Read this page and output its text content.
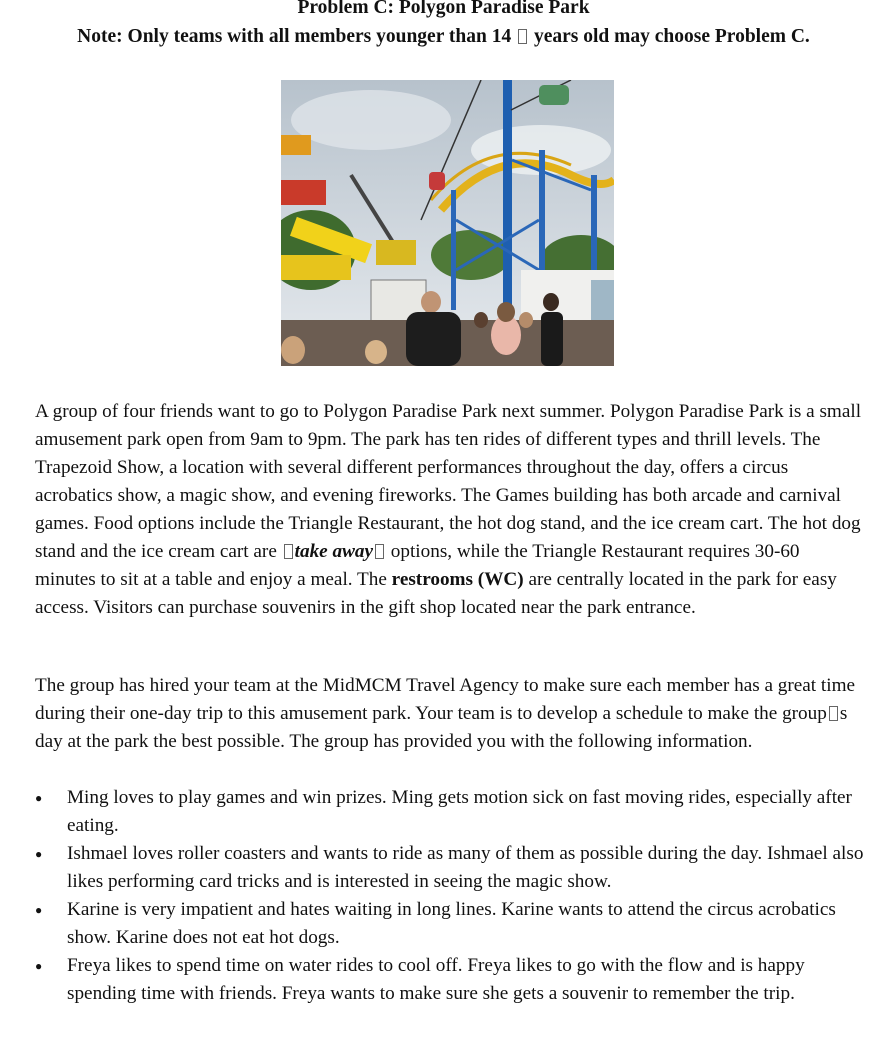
Problem C: Polygon Paradise Park
Note: Only teams with all members younger than 14 years old may choose Problem C.

A group of four friends want to go to Polygon Paradise Park next summer. Polygon Paradise Park is a small amusement park open from 9am to 9pm. The park has ten rides of different types and thrill levels. The Trapezoid Show, a location with several different performances throughout the day, offers a circus acrobatics show, a magic show, and evening fireworks. The Games building has both arcade and carnival games. Food options include the Triangle Restaurant, the hot dog stand, and the ice cream cart. The hot dog stand and the ice cream cart are take away options, while the Triangle Restaurant requires 30-60 minutes to sit at a table and enjoy a meal. The restrooms (WC) are centrally located in the park for easy access. Visitors can purchase souvenirs in the gift shop located near the park entrance.

The group has hired your team at the MidMCM Travel Agency to make sure each member has a great time during their one-day trip to this amusement park. Your team is to develop a schedule to make the group s day at the park the best possible. The group has provided you with the following information.

● Ming loves to play games and win prizes. Ming gets motion sick on fast moving rides, especially after eating.
● Ishmael loves roller coasters and wants to ride as many of them as possible during the day. Ishmael also likes performing card tricks and is interested in seeing the magic show.
● Karine is very impatient and hates waiting in long lines. Karine wants to attend the circus acrobatics show. Karine does not eat hot dogs.
● Freya likes to spend time on water rides to cool off. Freya likes to go with the flow and is happy spending time with friends. Freya wants to make sure she gets a souvenir to remember the trip.
